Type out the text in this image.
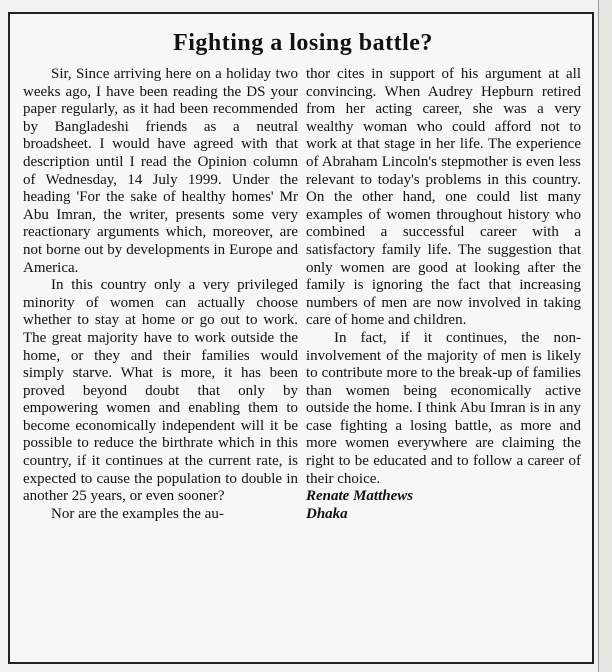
Fighting a losing battle?

Sir, Since arriving here on a holiday two weeks ago, I have been reading the DS your paper regularly, as it had been recommended by Bangladeshi friends as a neutral broadsheet. I would have agreed with that description until I read the Opinion column of Wednesday, 14 July 1999. Under the heading 'For the sake of healthy homes' Mr Abu Imran, the writer, presents some very reactionary arguments which, moreover, are not borne out by developments in Europe and America.

In this country only a very privileged minority of women can actually choose whether to stay at home or go out to work. The great majority have to work outside the home, or they and their families would simply starve. What is more, it has been proved beyond doubt that only by empowering women and enabling them to become economically independent will it be possible to reduce the birthrate which in this country, if it continues at the current rate, is expected to cause the population to double in another 25 years, or even sooner?

Nor are the examples the au-

thor cites in support of his argument at all convincing. When Audrey Hepburn retired from her acting career, she was a very wealthy woman who could afford not to work at that stage in her life. The experience of Abraham Lincoln's stepmother is even less relevant to today's problems in this country. On the other hand, one could list many examples of women throughout history who combined a successful career with a satisfactory family life. The suggestion that only women are good at looking after the family is ignoring the fact that increasing numbers of men are now involved in taking care of home and children.

In fact, if it continues, the non-involvement of the majority of men is likely to contribute more to the break-up of families than women being economically active outside the home. I think Abu Imran is in any case fighting a losing battle, as more and more women everywhere are claiming the right to be educated and to follow a career of their choice.

Renate Matthews
Dhaka
